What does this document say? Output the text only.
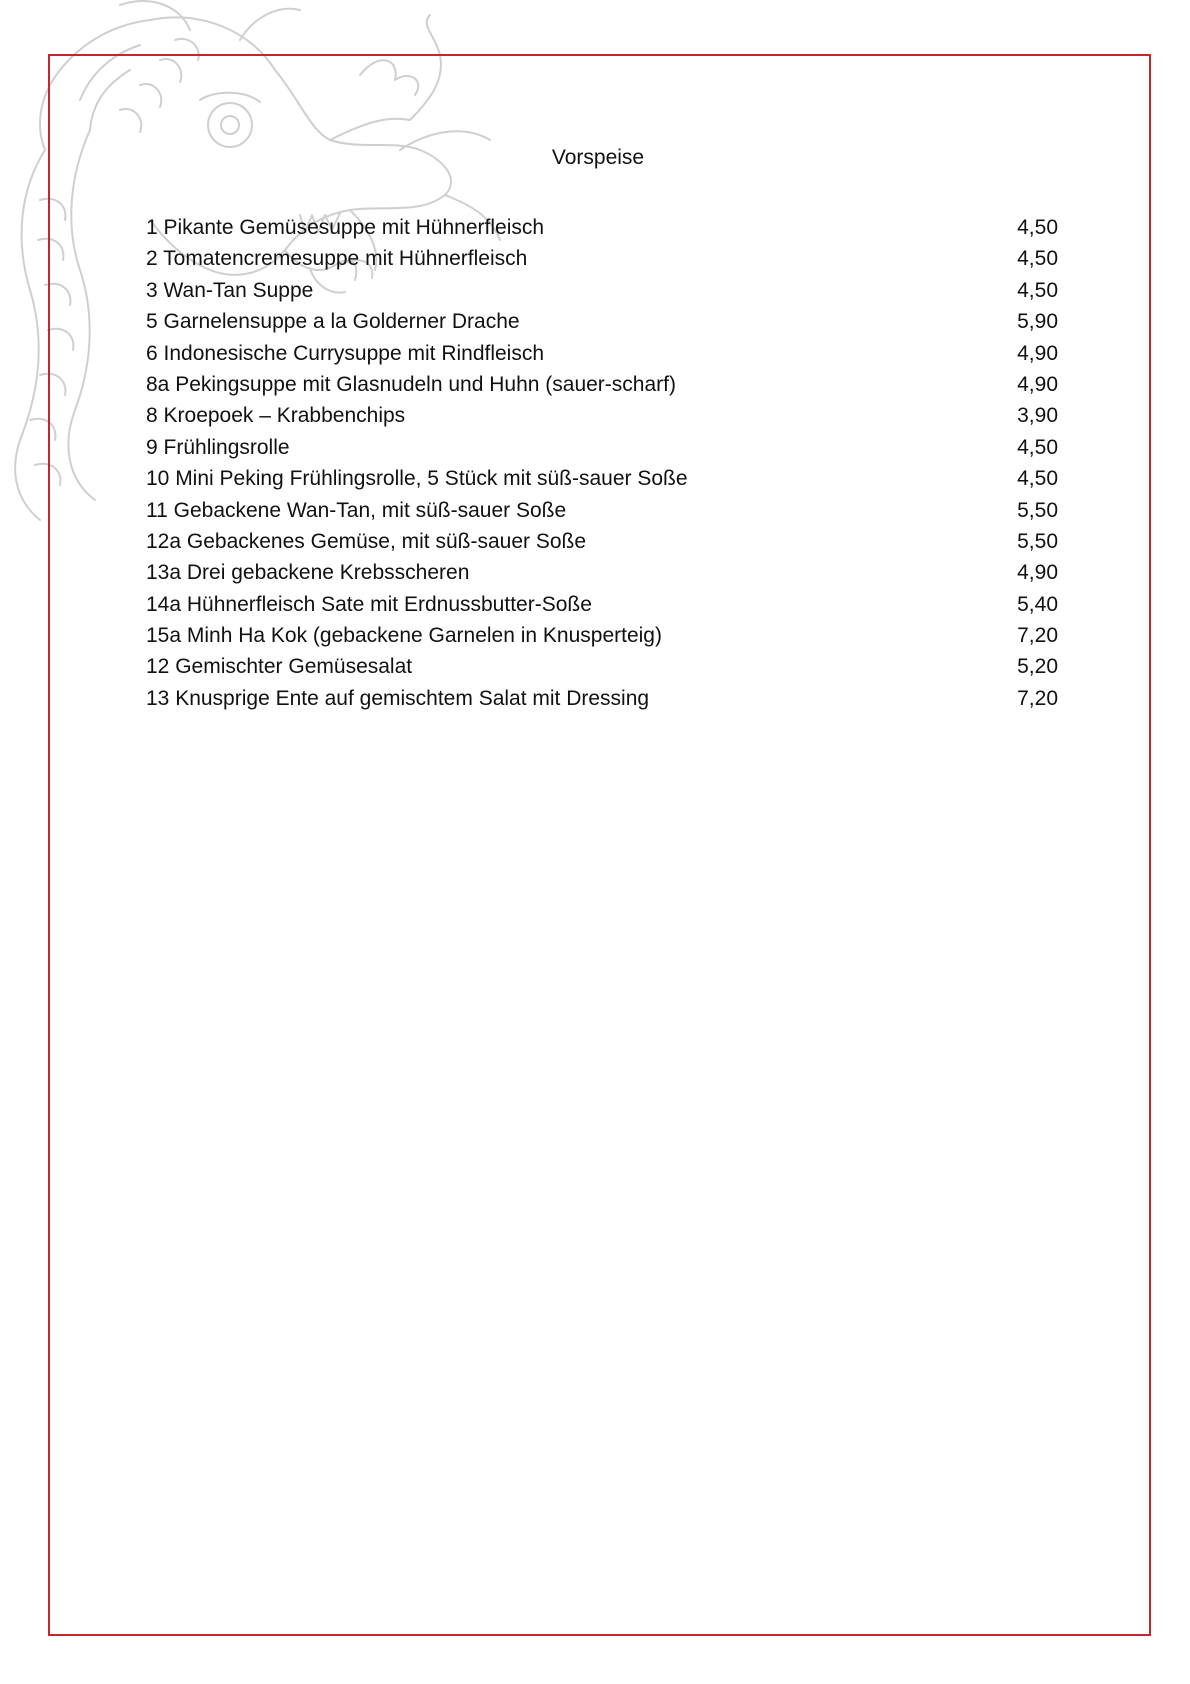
Vorspeise
1 Pikante Gemüsesuppe mit Hühnerfleisch	4,50
2 Tomatencremesuppe mit Hühnerfleisch	4,50
3 Wan-Tan Suppe	4,50
5 Garnelensuppe a la Golderner Drache	5,90
6 Indonesische Currysuppe mit Rindfleisch	4,90
8a Pekingsuppe mit Glasnudeln und Huhn (sauer-scharf)	4,90
8 Kroepoek – Krabbenchips	3,90
9 Frühlingsrolle	4,50
10 Mini Peking Frühlingsrolle, 5 Stück mit süß-sauer Soße	4,50
11 Gebackene Wan-Tan, mit süß-sauer Soße	5,50
12a Gebackenes Gemüse, mit süß-sauer Soße	5,50
13a Drei gebackene Krebsscheren	4,90
14a Hühnerfleisch Sate mit Erdnussbutter-Soße	5,40
15a Minh Ha Kok (gebackene Garnelen in Knusperteig)	7,20
12 Gemischter Gemüsesalat	5,20
13 Knusprige Ente auf gemischtem Salat mit Dressing	7,20
